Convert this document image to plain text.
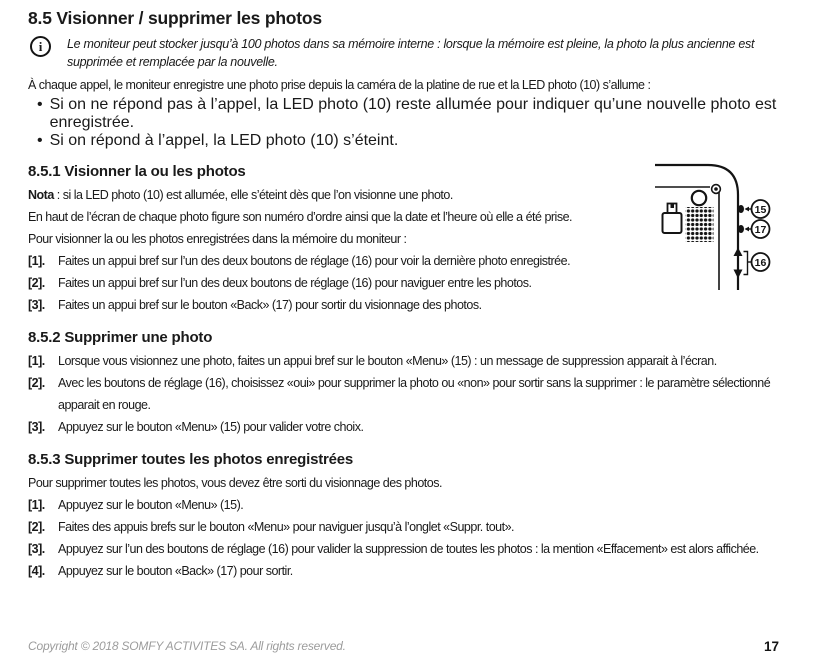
8.5 Visionner / supprimer les photos
i Le moniteur peut stocker jusqu’à 100 photos dans sa mémoire interne : lorsque la mémoire est pleine, la photo la plus ancienne est supprimée et remplacée par la nouvelle.

À chaque appel, le moniteur enregistre une photo prise depuis la caméra de la platine de rue et la LED photo (10) s’allume :

• Si on ne répond pas à l’appel, la LED photo (10) reste allumée pour indiquer qu’une nouvelle photo est enregistrée.
• Si on répond à l’appel, la LED photo (10) s’éteint.
8.5.1 Visionner la ou les photos

Nota : si la LED photo (10) est allumée, elle s’éteint dès que l’on visionne une photo.

En haut de l’écran de chaque photo figure son numéro d’ordre ainsi que la date et l’heure où elle a été prise.

Pour visionner la ou les photos enregistrées dans la mémoire du moniteur :

[1].	Faites un appui bref sur l’un des deux boutons de réglage (16) pour voir la dernière photo enregistrée.
[2].	Faites un appui bref sur l’un des deux boutons de réglage (16) pour naviguer entre les photos.
[3].	Faites un appui bref sur le bouton «Back» (17) pour sortir du visionnage des photos.
8.5.2 Supprimer une photo
[1].	Lorsque vous visionnez une photo, faites un appui bref sur le bouton «Menu» (15) : un message de suppression apparait à l’écran.
[2].	Avec les boutons de réglage (16), choisissez «oui» pour supprimer la photo ou «non» pour sortir sans la supprimer : le paramètre sélectionné apparait en rouge.
[3].	Appuyez sur le bouton «Menu» (15) pour valider votre choix.
8.5.3 Supprimer toutes les photos enregistrées

Pour supprimer toutes les photos, vous devez être sorti du visionnage des photos.

[1].	Appuyez sur le bouton «Menu» (15).
[2].	Faites des appuis brefs sur le bouton «Menu» pour naviguer jusqu’à l’onglet «Suppr. tout».
[3].	Appuyez sur l’un des boutons de réglage (16) pour valider la suppression de toutes les photos : la mention «Effacement» est alors affichée.
[4].	Appuyez sur le bouton «Back» (17) pour sortir.
15
17
16
Copyright © 2018 SOMFY ACTIVITES SA. All rights reserved.	17
